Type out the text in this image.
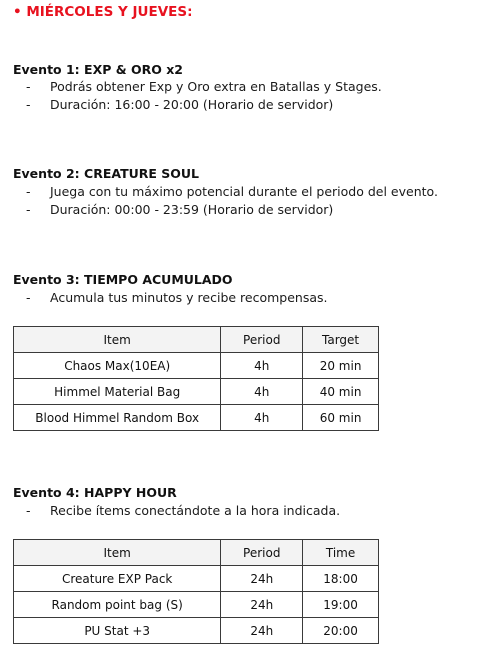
• MIÉRCOLES Y JUEVES:
Evento 1: EXP & ORO x2
- Podrás obtener Exp y Oro extra en Batallas y Stages.
- Duración: 16:00 - 20:00 (Horario de servidor)
Evento 2: CREATURE SOUL
- Juega con tu máximo potencial durante el periodo del evento.
- Duración: 00:00 - 23:59 (Horario de servidor)
Evento 3: TIEMPO ACUMULADO
- Acumula tus minutos y recibe recompensas.
Item	Period	Target
Chaos Max(10EA)	4h	20 min
Himmel Material Bag	4h	40 min
Blood Himmel Random Box	4h	60 min
Evento 4: HAPPY HOUR
- Recibe ítems conectándote a la hora indicada.
Item	Period	Time
Creature EXP Pack	24h	18:00
Random point bag (S)	24h	19:00
PU Stat +3	24h	20:00
